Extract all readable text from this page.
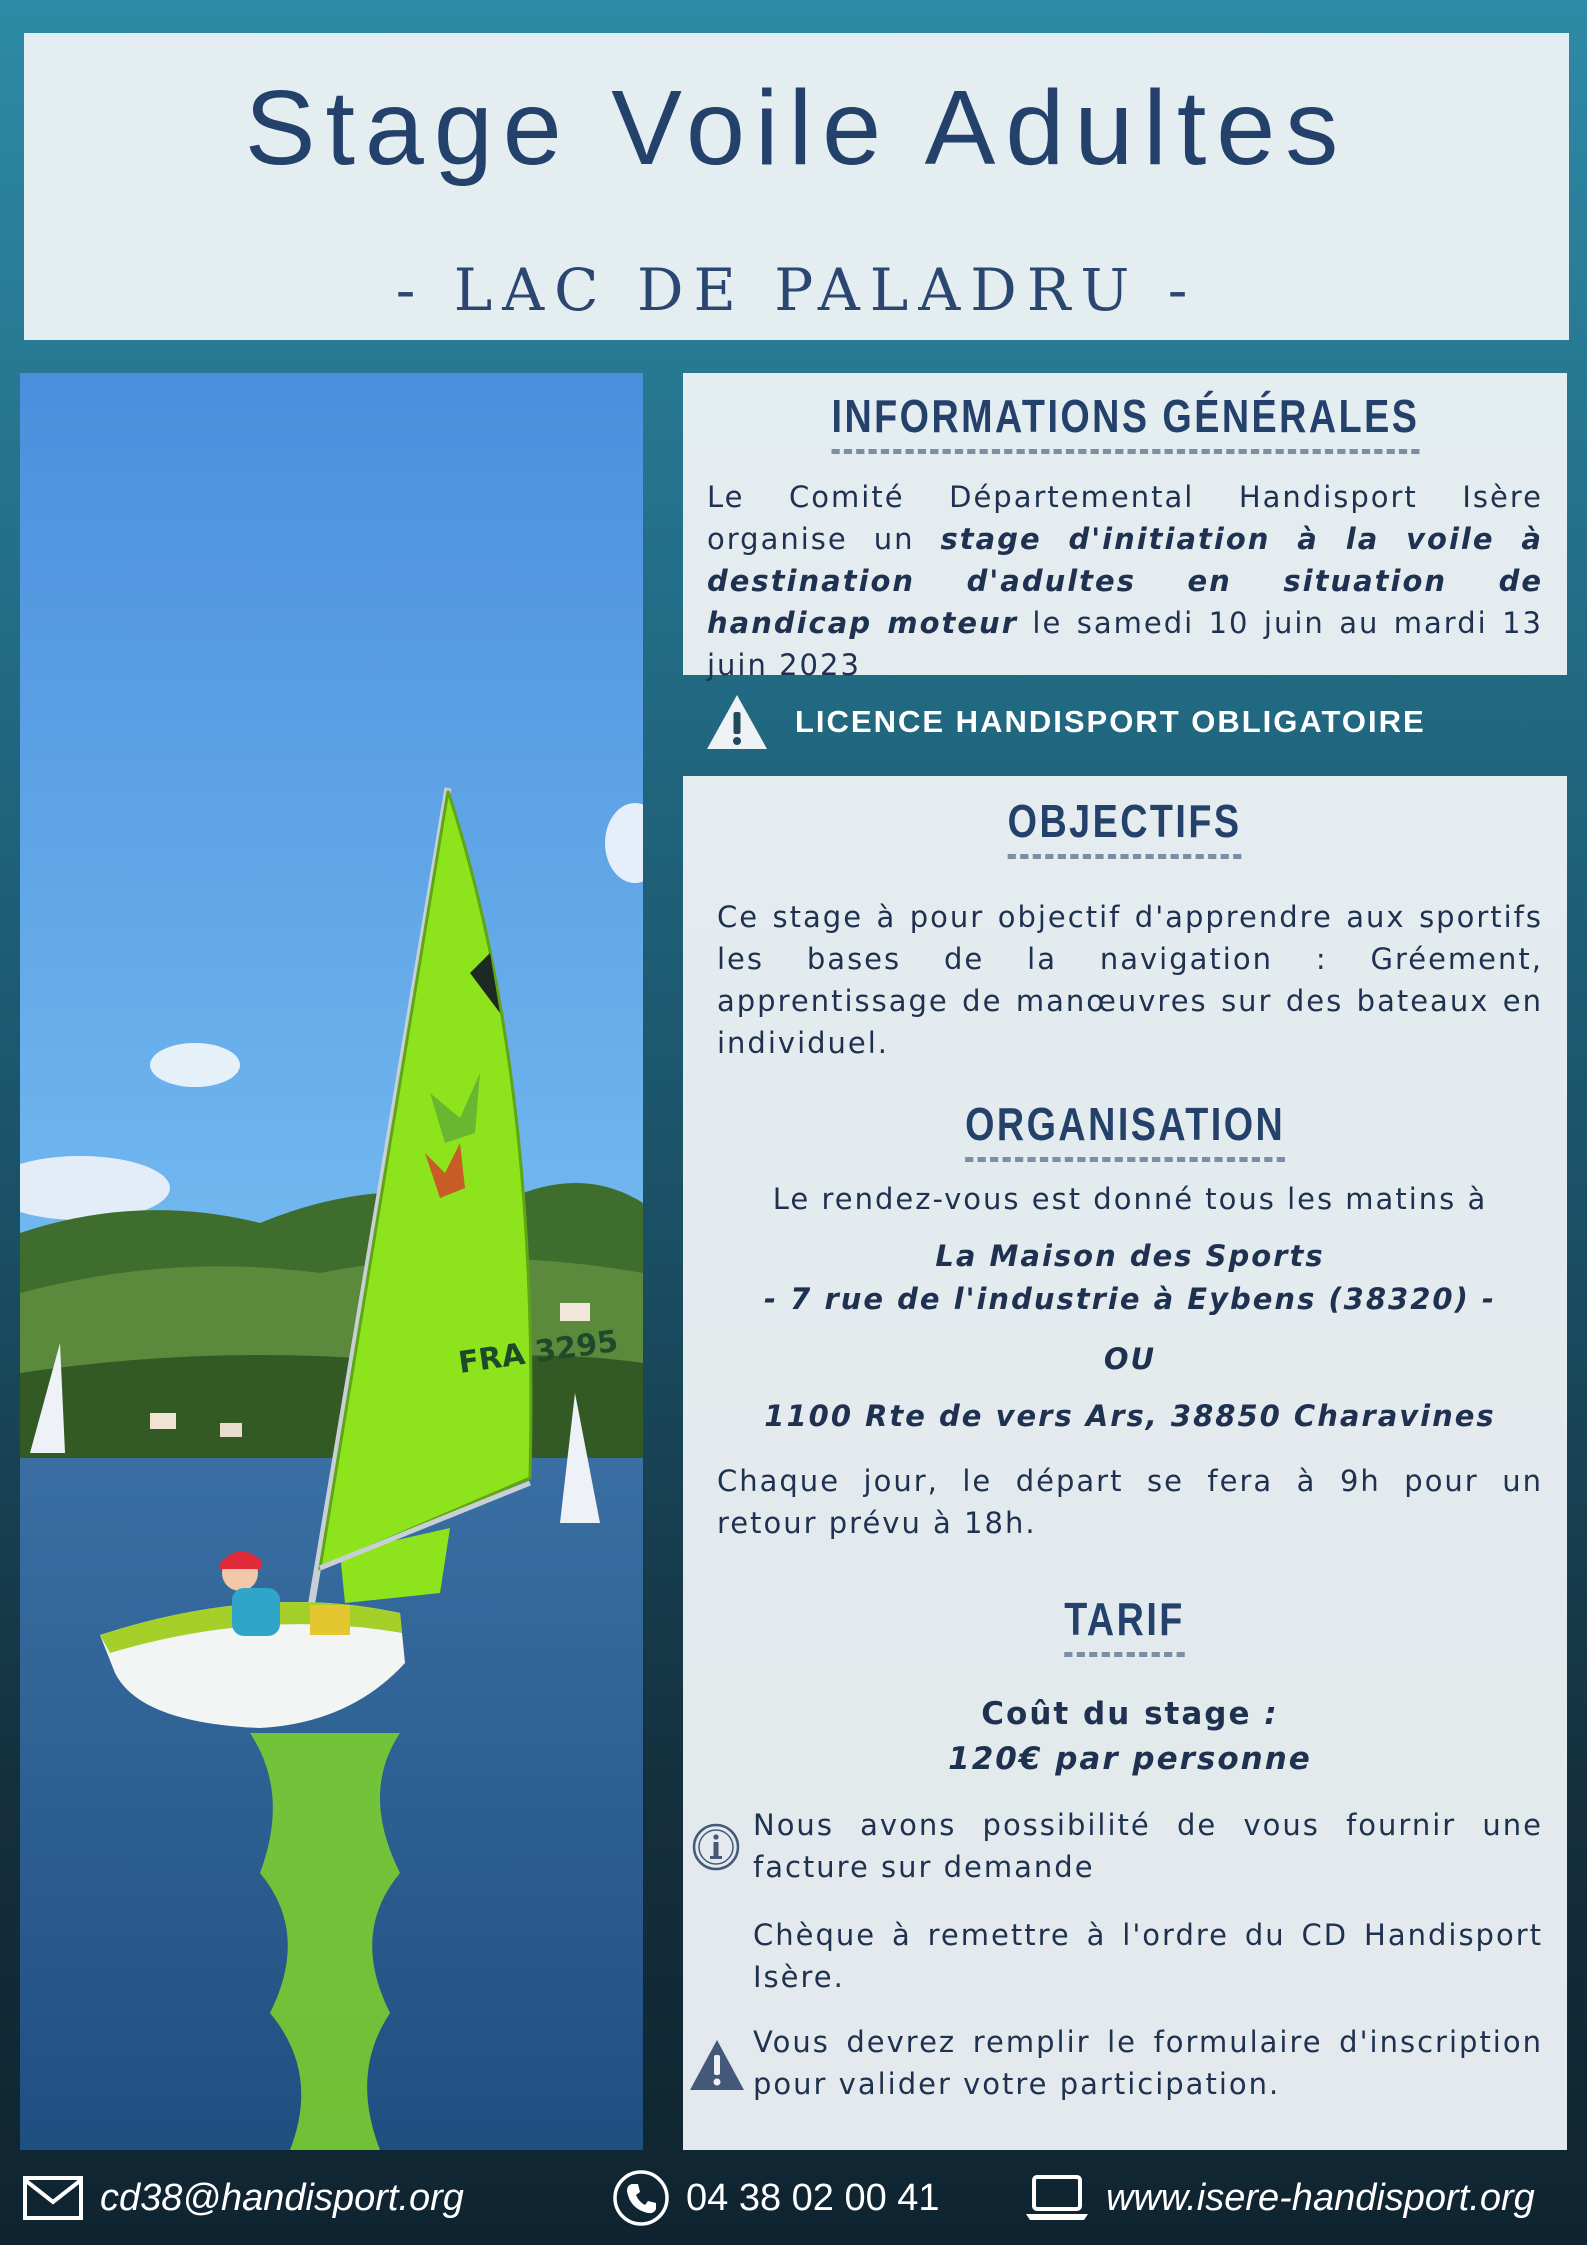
Stage Voile Adultes
- LAC DE PALADRU -
FRA 3295
INFORMATIONS GÉNÉRALES

Le Comité Départemental Handisport Isère organise un stage d'initiation à la voile à destination d'adultes en situation de handicap moteur le samedi 10 juin au mardi 13 juin 2023

LICENCE HANDISPORT OBLIGATOIRE
OBJECTIFS

Ce stage à pour objectif d'apprendre aux sportifs les bases de la navigation : Gréement, apprentissage de manœuvres sur des bateaux en individuel.

ORGANISATION
Le rendez-vous est donné tous les matins à
La Maison des Sports
- 7 rue de l'industrie à Eybens (38320) -
OU
1100 Rte de vers Ars, 38850 Charavines

Chaque jour, le départ se fera à 9h pour un retour prévu à 18h.

TARIF
Coût du stage :
120€ par personne

Nous avons possibilité de vous fournir une facture sur demande

Chèque à remettre à l'ordre du CD Handisport Isère.

Vous devrez remplir le formulaire d'inscription pour valider votre participation.

cd38@handisport.org	04 38 02 00 41	www.isere-handisport.org
